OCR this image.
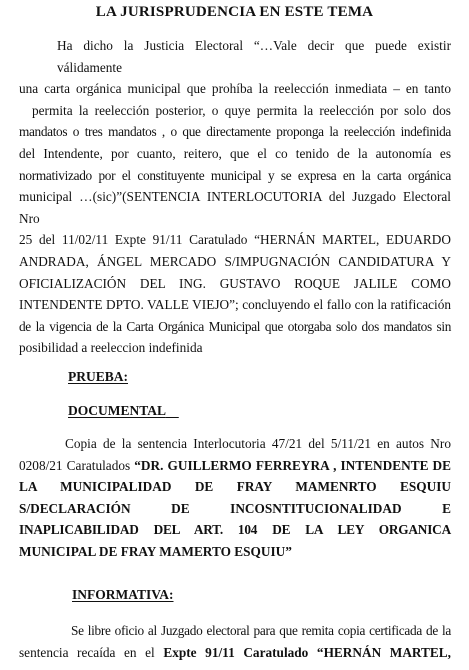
LA JURISPRUDENCIA EN ESTE TEMA
Ha dicho la Justicia Electoral “…Vale decir que puede existir válidamente
una carta orgánica municipal que prohíba la reelección inmediata – en tanto
permita la reelección posterior, o quye permita la reelección por solo dos
mandatos o tres mandatos , o que directamente proponga la reelección indefinida
del Intendente, por cuanto, reitero, que el co tenido de la autonomía es
normativizado por el constituyente municipal y se expresa en la carta orgánica
municipal …(sic)”(SENTENCIA INTERLOCUTORIA del Juzgado Electoral Nro
25 del 11/02/11 Expte 91/11 Caratulado “HERNÁN MARTEL, EDUARDO
ANDRADA, ÁNGEL MERCADO S/IMPUGNACIÓN CANDIDATURA Y
OFICIALIZACIÓN DEL ING. GUSTAVO ROQUE JALILE COMO
INTENDENTE DPTO. VALLE VIEJO”; concluyendo el fallo con la ratificación
de la vigencia de la Carta Orgánica Municipal que otorgaba solo dos mandatos sin
posibilidad a reeleccion indefinida
PRUEBA:
DOCUMENTAL
Copia de la sentencia Interlocutoria 47/21 del 5/11/21 en autos Nro
0208/21 Caratulados “DR. GUILLERMO FERREYRA , INTENDENTE DE
LA MUNICIPALIDAD DE FRAY MAMENRTO ESQUIU
S/DECLARACIÓN DE INCOSNTITUCIONALIDAD E
INAPLICABILIDAD DEL ART. 104 DE LA LEY ORGANICA
MUNICIPAL DE FRAY MAMERTO ESQUIU”
INFORMATIVA:
Se libre oficio al Juzgado electoral para que remita copia certificada de la
sentencia recaída en el Expte 91/11 Caratulado “HERNÁN MARTEL,
